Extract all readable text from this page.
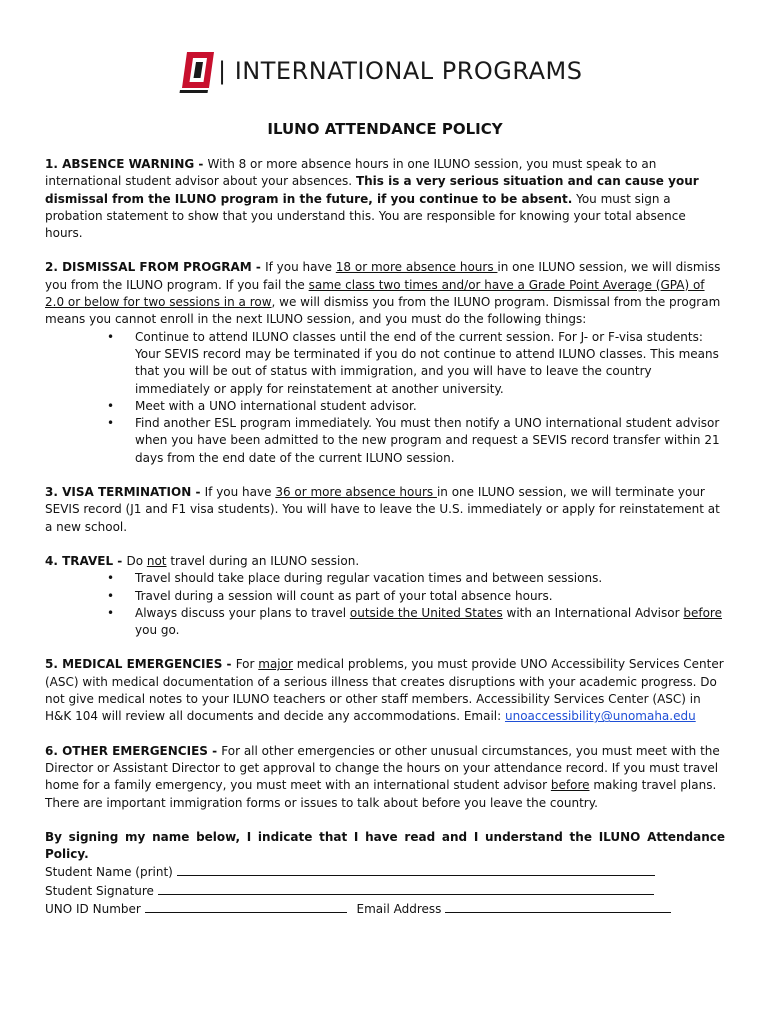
| INTERNATIONAL PROGRAMS
ILUNO ATTENDANCE POLICY
1. ABSENCE WARNING - With 8 or more absence hours in one ILUNO session, you must speak to an international student advisor about your absences. This is a very serious situation and can cause your dismissal from the ILUNO program in the future, if you continue to be absent. You must sign a probation statement to show that you understand this. You are responsible for knowing your total absence hours.
2. DISMISSAL FROM PROGRAM - If you have 18 or more absence hours in one ILUNO session, we will dismiss you from the ILUNO program. If you fail the same class two times and/or have a Grade Point Average (GPA) of 2.0 or below for two sessions in a row, we will dismiss you from the ILUNO program. Dismissal from the program means you cannot enroll in the next ILUNO session, and you must do the following things:
• Continue to attend ILUNO classes until the end of the current session. For J- or F-visa students: Your SEVIS record may be terminated if you do not continue to attend ILUNO classes. This means that you will be out of status with immigration, and you will have to leave the country immediately or apply for reinstatement at another university.
• Meet with a UNO international student advisor.
• Find another ESL program immediately. You must then notify a UNO international student advisor when you have been admitted to the new program and request a SEVIS record transfer within 21 days from the end date of the current ILUNO session.
3. VISA TERMINATION - If you have 36 or more absence hours in one ILUNO session, we will terminate your SEVIS record (J1 and F1 visa students). You will have to leave the U.S. immediately or apply for reinstatement at a new school.
4. TRAVEL - Do not travel during an ILUNO session.
• Travel should take place during regular vacation times and between sessions.
• Travel during a session will count as part of your total absence hours.
• Always discuss your plans to travel outside the United States with an International Advisor before you go.
5. MEDICAL EMERGENCIES - For major medical problems, you must provide UNO Accessibility Services Center (ASC) with medical documentation of a serious illness that creates disruptions with your academic progress. Do not give medical notes to your ILUNO teachers or other staff members. Accessibility Services Center (ASC) in H&K 104 will review all documents and decide any accommodations. Email: unoaccessibility@unomaha.edu
6. OTHER EMERGENCIES - For all other emergencies or other unusual circumstances, you must meet with the Director or Assistant Director to get approval to change the hours on your attendance record. If you must travel home for a family emergency, you must meet with an international student advisor before making travel plans. There are important immigration forms or issues to talk about before you leave the country.
By signing my name below, I indicate that I have read and I understand the ILUNO Attendance Policy.
Student Name (print)
Student Signature
UNO ID Number	Email Address
